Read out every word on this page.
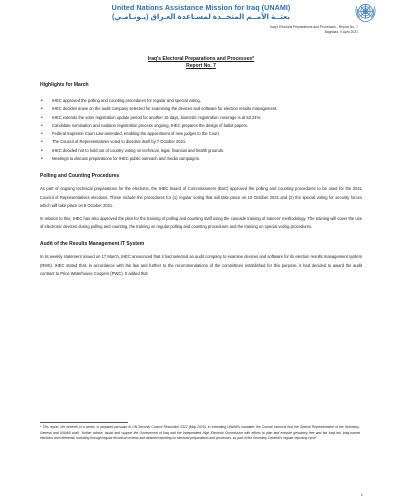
United Nations Assistance Mission for Iraq (UNAMI)
بعثــة الأمــم المتحــدة لمسـاعدة العـراق (يـونـامـي)
Iraq's Electoral Preparations and Processes - Report No. 7
Baghdad, 9 April 2021
Iraq's Electoral Preparations and Processes*
Report No. 7
Highlights for March
• IHEC approved the polling and counting procedures for regular and special voting.
• IHEC decides anew on the audit company selected for examining the devices and software for election results management.
• IHEC extends the voter registration update period for another 15 days, biometric registration coverage is at 63.24%.
• Candidate nomination and coalition registration process ongoing, IHEC prepares the design of ballot papers.
• Federal Supreme Court Law amended, enabling the appointment of new judges to the Court.
• The Council of Representatives voted to dissolve itself by 7 October 2021.
• IHEC decided not to hold out of country voting on technical, legal, financial and health grounds.
• Meetings to discuss preparations for IHEC public outreach and media campaigns.
Polling and Counting Procedures

As part of ongoing technical preparations for the elections, the IHEC Board of Commissioners (BoC) approved the polling and counting procedures to be used for the 2021 Council of Representatives elections. These include the procedures for (1) regular voting that will take place on 10 October 2021 and (2) the special voting for security forces which will take place on 8 October 2021.

In relation to this, IHEC has also approved the plan for the training of polling and counting staff using the cascade training of trainers' methodology. The training will cover the use of electronic devices during polling and counting, the training on regular polling and counting procedures and the training on special voting procedures.

Audit of the Results Management IT System

In its weekly statement issued on 17 March, IHEC announced that it had selected an audit company to examine devices and software for its election results management system (RMS). IHEC stated that, in accordance with the law and further to the recommendations of the committees established for this purpose, it had decided to award the audit contract to Price Waterhouse Coopers (PWC). It added that

* This report, the seventh in a series, is prepared pursuant to UN Security Council Resolution 2522 (May 2020). In extending UNAMI's mandate, the Council instructs that the Special Representative of the Secretary-General and UNAMI shall: "further advise, assist and support the Government of Iraq and the Independent High Electoral Commission with efforts to plan and execute genuinely free and fair Iraqi-led, Iraqi-owned elections and referenda, including through regular technical reviews and detailed reporting on electoral preparations and processes, as part of the Secretary-General's regular reporting cycle".
1
